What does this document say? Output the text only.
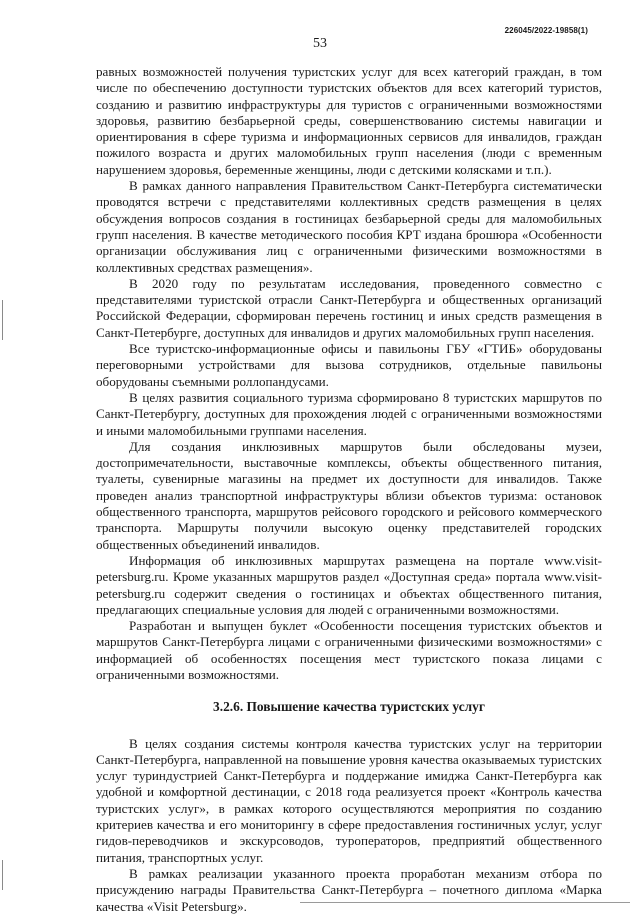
226045/2022-19858(1)
53

равных возможностей получения туристских услуг для всех категорий граждан, в том числе по обеспечению доступности туристских объектов для всех категорий туристов, созданию и развитию инфраструктуры для туристов с ограниченными возможностями здоровья, развитию безбарьерной среды, совершенствованию системы навигации и ориентирования в сфере туризма и информационных сервисов для инвалидов, граждан пожилого возраста и других маломобильных групп населения (люди с временным нарушением здоровья, беременные женщины, люди с детскими колясками и т.п.).

В рамках данного направления Правительством Санкт-Петербурга систематически проводятся встречи с представителями коллективных средств размещения в целях обсуждения вопросов создания в гостиницах безбарьерной среды для маломобильных групп населения. В качестве методического пособия КРТ издана брошюра «Особенности организации обслуживания лиц с ограниченными физическими возможностями в коллективных средствах размещения».

В 2020 году по результатам исследования, проведенного совместно с представителями туристской отрасли Санкт-Петербурга и общественных организаций Российской Федерации, сформирован перечень гостиниц и иных средств размещения в Санкт-Петербурге, доступных для инвалидов и других маломобильных групп населения.

Все туристско-информационные офисы и павильоны ГБУ «ГТИБ» оборудованы переговорными устройствами для вызова сотрудников, отдельные павильоны оборудованы съемными роллопандусами.

В целях развития социального туризма сформировано 8 туристских маршрутов по Санкт-Петербургу, доступных для прохождения людей с ограниченными возможностями и иными маломобильными группами населения.

Для создания инклюзивных маршрутов были обследованы музеи, достопримечательности, выставочные комплексы, объекты общественного питания, туалеты, сувенирные магазины на предмет их доступности для инвалидов. Также проведен анализ транспортной инфраструктуры вблизи объектов туризма: остановок общественного транспорта, маршрутов рейсового городского и рейсового коммерческого транспорта. Маршруты получили высокую оценку представителей городских общественных объединений инвалидов.

Информация об инклюзивных маршрутах размещена на портале www.visit-petersburg.ru. Кроме указанных маршрутов раздел «Доступная среда» портала www.visit-petersburg.ru содержит сведения о гостиницах и объектах общественного питания, предлагающих специальные условия для людей с ограниченными возможностями.

Разработан и выпущен буклет «Особенности посещения туристских объектов и маршрутов Санкт-Петербурга лицами с ограниченными физическими возможностями» с информацией об особенностях посещения мест туристского показа лицами с ограниченными возможностями.

3.2.6. Повышение качества туристских услуг

В целях создания системы контроля качества туристских услуг на территории Санкт-Петербурга, направленной на повышение уровня качества оказываемых туристских услуг туриндустрией Санкт-Петербурга и поддержание имиджа Санкт-Петербурга как удобной и комфортной дестинации, с 2018 года реализуется проект «Контроль качества туристских услуг», в рамках которого осуществляются мероприятия по созданию критериев качества и его мониторингу в сфере предоставления гостиничных услуг, услуг гидов-переводчиков и экскурсоводов, туроператоров, предприятий общественного питания, транспортных услуг.

В рамках реализации указанного проекта проработан механизм отбора по присуждению награды Правительства Санкт-Петербурга – почетного диплома «Марка качества «Visit Petersburg».
